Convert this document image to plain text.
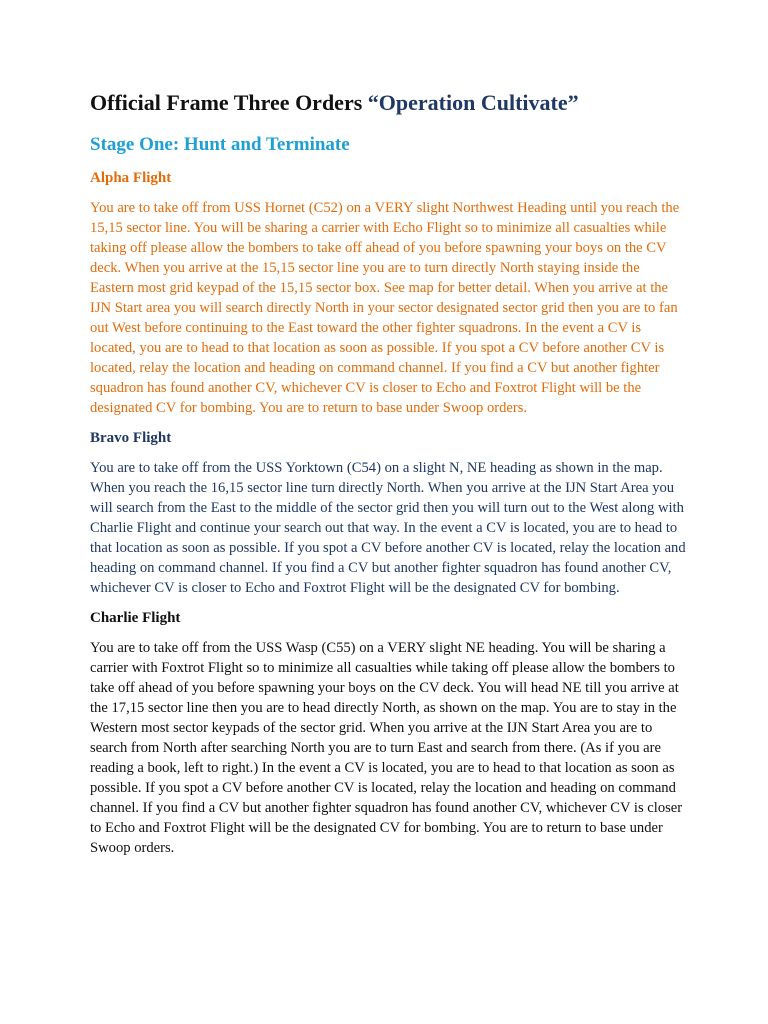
Official Frame Three Orders “Operation Cultivate”
Stage One: Hunt and Terminate
Alpha Flight

You are to take off from USS Hornet (C52) on a VERY slight Northwest Heading until you reach the 15,15 sector line. You will be sharing a carrier with Echo Flight so to minimize all casualties while taking off please allow the bombers to take off ahead of you before spawning your boys on the CV deck. When you arrive at the 15,15 sector line you are to turn directly North staying inside the Eastern most grid keypad of the 15,15 sector box. See map for better detail. When you arrive at the IJN Start area you will search directly North in your sector designated sector grid then you are to fan out West before continuing to the East toward the other fighter squadrons. In the event a CV is located, you are to head to that location as soon as possible. If you spot a CV before another CV is located, relay the location and heading on command channel. If you find a CV but another fighter squadron has found another CV, whichever CV is closer to Echo and Foxtrot Flight will be the designated CV for bombing. You are to return to base under Swoop orders.

Bravo Flight

You are to take off from the USS Yorktown (C54) on a slight N, NE heading as shown in the map. When you reach the 16,15 sector line turn directly North. When you arrive at the IJN Start Area you will search from the East to the middle of the sector grid then you will turn out to the West along with Charlie Flight and continue your search out that way. In the event a CV is located, you are to head to that location as soon as possible. If you spot a CV before another CV is located, relay the location and heading on command channel. If you find a CV but another fighter squadron has found another CV, whichever CV is closer to Echo and Foxtrot Flight will be the designated CV for bombing.

Charlie Flight

You are to take off from the USS Wasp (C55) on a VERY slight NE heading. You will be sharing a carrier with Foxtrot Flight so to minimize all casualties while taking off please allow the bombers to take off ahead of you before spawning your boys on the CV deck. You will head NE till you arrive at the 17,15 sector line then you are to head directly North, as shown on the map. You are to stay in the Western most sector keypads of the sector grid. When you arrive at the IJN Start Area you are to search from North after searching North you are to turn East and search from there. (As if you are reading a book, left to right.) In the event a CV is located, you are to head to that location as soon as possible. If you spot a CV before another CV is located, relay the location and heading on command channel. If you find a CV but another fighter squadron has found another CV, whichever CV is closer to Echo and Foxtrot Flight will be the designated CV for bombing. You are to return to base under Swoop orders.
